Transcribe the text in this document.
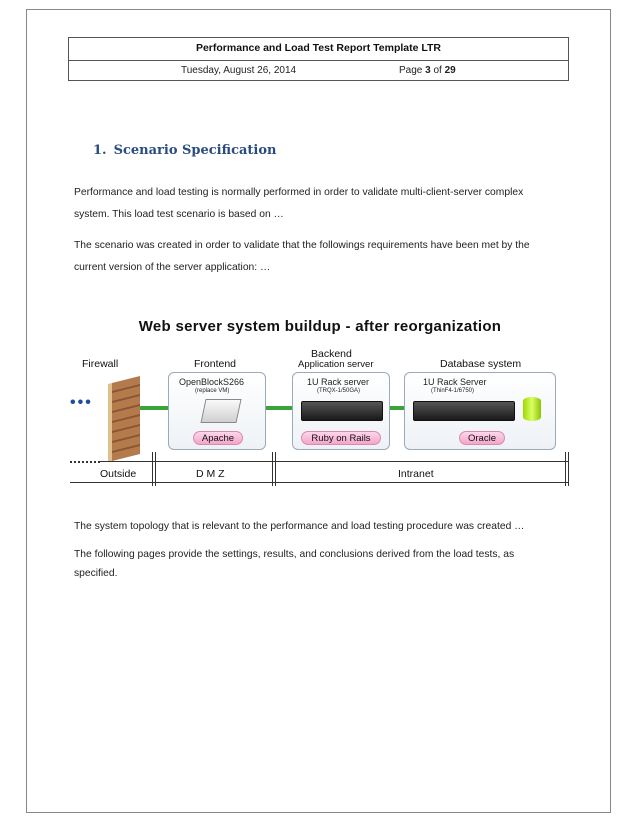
Performance and Load Test Report Template LTR
Tuesday, August 26, 2014	Page 3 of 29
1. Scenario Specification
Performance and load testing is normally performed in order to validate multi-client-server complex system. This load test scenario is based on …
The scenario was created in order to validate that the followings requirements have been met by the current version of the server application: …
Web server system buildup - after reorganization
Firewall	Frontend
Backend
Application server	Database system
•••
OpenBlockS266
(replace VM)
Apache
1U Rack server
(TRQX-1/50GA)
Ruby on Rails
1U Rack Server
(ThinF4-1/6750)
Oracle
Outside	D M Z	Intranet
The system topology that is relevant to the performance and load testing procedure was created …
The following pages provide the settings, results, and conclusions derived from the load tests, as specified.
